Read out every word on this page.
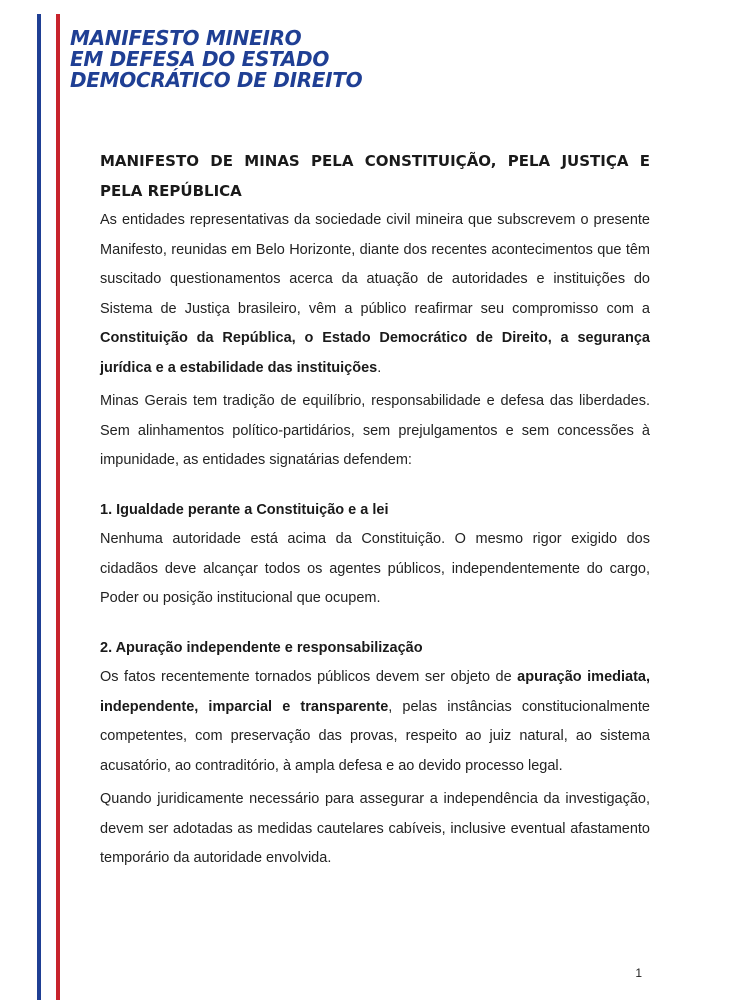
MANIFESTO MINEIRO
EM DEFESA DO ESTADO
DEMOCRÁTICO DE DIREITO
MANIFESTO DE MINAS PELA CONSTITUIÇÃO, PELA JUSTIÇA E PELA REPÚBLICA

As entidades representativas da sociedade civil mineira que subscrevem o presente Manifesto, reunidas em Belo Horizonte, diante dos recentes acontecimentos que têm suscitado questionamentos acerca da atuação de autoridades e instituições do Sistema de Justiça brasileiro, vêm a público reafirmar seu compromisso com a Constituição da República, o Estado Democrático de Direito, a segurança jurídica e a estabilidade das instituições.

Minas Gerais tem tradição de equilíbrio, responsabilidade e defesa das liberdades. Sem alinhamentos político-partidários, sem prejulgamentos e sem concessões à impunidade, as entidades signatárias defendem:

1. Igualdade perante a Constituição e a lei

Nenhuma autoridade está acima da Constituição. O mesmo rigor exigido dos cidadãos deve alcançar todos os agentes públicos, independentemente do cargo, Poder ou posição institucional que ocupem.

2. Apuração independente e responsabilização

Os fatos recentemente tornados públicos devem ser objeto de apuração imediata, independente, imparcial e transparente, pelas instâncias constitucionalmente competentes, com preservação das provas, respeito ao juiz natural, ao sistema acusatório, ao contraditório, à ampla defesa e ao devido processo legal.

Quando juridicamente necessário para assegurar a independência da investigação, devem ser adotadas as medidas cautelares cabíveis, inclusive eventual afastamento temporário da autoridade envolvida.

1
